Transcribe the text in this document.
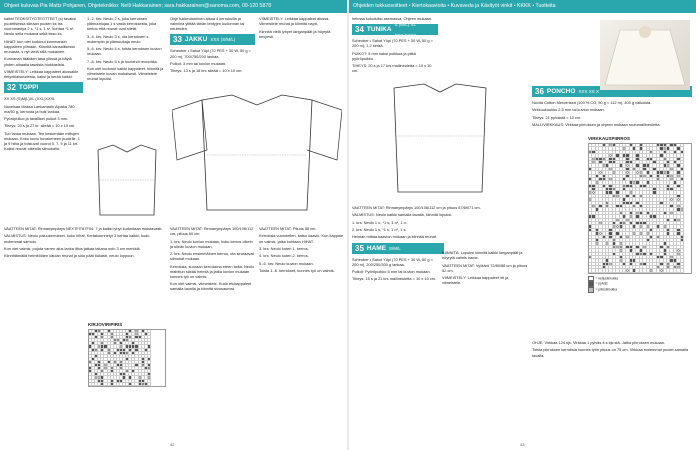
Ohjeet kuluvaa Pia Mattz Pohjanen, Ohjeteknikko: Nelli Hakkarainen; sara.hakkarainen@sanoma.com, 09-120 5878	Ohjeiden tukkuosoitteet • Kiertokaavioita • Kuvaveda ja Käsityöt vinkit • KKKK • Tuotteita

kaikki TEOKSITYÖTEOTTEET (s) tavaksi puolelisessa sileaan puolen ks tss vuoromastya 2 s, *1 s, 1 s*, kohtaa *1 s*. Neulo sella mukana sekä tisso ks.

HIHAT: kun olet kudonut kummankin kappaleen ylimaan. Kiinnitä kansallisesta reunasta, s nyt vielä sillä mukainen.

Kunnanan tääkäen tasa ylössä ja käytä yhden alhaalla tasaista hiukkasista.

VIIMEISTELY: Leikkaa kappaleet alussakin tietyntilaisuudesta, kaksi ja kerää kaikki.

32 TOPPI

XX XS (S)M(L)XL (XXL)XXXL

Novelsaa Maksa Lankamarin Alpaka 780 ma/50 g, kerrosta ja bulk lankaa.

Pyöröpuikot ja tavalliset puikot 3 mm.

Tiheys: 20 s ja 27 kr. sileää = 10 x 10 cm.

Tuo lanka mukaan, Tee keskenään mittojen mukaan. Koko kuvio kuvakeneen puolelle, 1 ja 9 hiilia ja toistuvat vuorot 5, 7, 9 ja 11 krt. Kaikki reunat oikealla silmukalla.

1.-2. krs: Neulo 2 s, joka kerroksen ylämuuttujaa 1 s vasta kerroksesta, joka kertoo että reunat ovat sileät.

3.-4. krs: Neulo 3 s, ota kerroksen s molempiin ja ylämuuttaja neulo.

5.-6. krs: Neulo 4 s, toista kerroksen kuvion mukaan.

7.-8. krs: Neulo 5 s ja huolehdi reunoista.

Kun olet kudonut kaikki kappaleet, kiinnitä ja viimeistele kuvan mukaisesti. Viimeistele reunat lopuksi.

VAATTEEN MITAT: Rinnanympärys NEXTFIT87F04: 7 ja kaikki lyhyt kudontaan muistavasti.

VALMISTUS: Neulo paluukerrokset, koko hihat. Kertakuunnetyt 3 kertaa kaikki, kudo molemmat samoin.

Kun olet valmis, pujota varren alus lanka liitos jatkaa takana noin 3 cm merkkiä.

Kiinnittämällä helmitöiden kaulan reunat ja sido päät tiukasti, neulo loppuun.

KIRJOVIRIPIRIS

Ohje tukkeutuminen alkaa 4 kerroksilla ja valmiina ylittää tähän tehtyjen kudonnan tai neuleiden.

33 JAKKU XXX (S/M/L)

Scheuber • Sakut Yöpi (70 PES + 30 W, 50 g = 200 m), 700/750/200 lankaa.

Puikot: 3 mm tai kuvion mukaan.

Tiheys: 13 s ja 18 krs sileää = 10 x 10 cm.

VAATTEEN MITAT: Rinnanympärys 100/106/112 cm, pituus 60 cm.

1. krs: Neulo kuvion mukaan, koko kerros oikein ja sileän kuvion mukaan.

2. krs: Neulo ensimmäinen kerros, ota seuraavat silmukat mukaan.

Kerroksia, suoraan kerroksina eteen kelta. Neulo mainitun sileää helmiä ja jatka kuvion mukaan kunnes työ on valmis.

Kun olet valmis, viimeistele. Kudo etukappaleet samalla tavalla ja kiinnitä sivusaumat.

VIIMEISTELY: Leikkaa kappaleet alussa. Viimeistele reunat ja kiinnitä napit.

Kiinnitä vielä lyhyet langanpäät ja höyrytä kevyesti.

VAATTEEN MITAT: Pituus 58 cm.

Kerroksia vuorotellen, katso kaavio. Kun kappale on valmis, jatka kohtaan HIHAT.

3. krs: Neulo kuten 1. kerros.

4. krs: Neulo kuten 2. kerros.

5.-6. krs: Neulo kuvion mukaan.

Toista 1.-6. kerrokset, kunnes työ on valmis.

helmaa kokoisiksi asemassa. Ohjeen mukaan.

34 TUNIKA
S (M/L) XL (XXL)XXXL

Scheuber • Sakut Yöpi (70 PES + 30 W, 50 g = 200 m), 1,2 kerää.

PUIKOT: 5 mm kaksi puikkoa ja pitkä pyöröpuikko.

TIHEYS: 20 s ja 17 krs mallineuletta = 10 x 10 cm.

VAATTEEN MITAT: Rinnanympärys 100/106/112 cm ja pituus 67/69/71 cm.

VALMISTUS: Neulo kaikki samalla tavalla, kiinnitä lopuksi.

1. krs: Neulo 1 o, *1 s, 1 o*, 1 o.

2. krs: Neulo 1 s, *1 s, 1 o*, 1 s.

Helman mittaa kaavion mukaan ja kiinnitä reunat.

35 HAME S/M/L

Scheuber • Sakut Yöpi (70 PES + 30 W, 50 g = 200 m), 200/250/300 g lankaa.

Puikot: Pyöröpuikko 5 mm tai kuvion mukaan.

Tiheys: 15 s ja 21 krs mallineuletta = 10 x 10 cm.

KIINNITÄ: Lopuksi kiinnitä kaikki langanpäät ja höyrytä valmis hame.

VAATTEEN MITAT: Vyötärö 72/80/88 cm ja pituus 52 cm.

VIIMEISTELY: Leikkaa kappaleet irti ja viimeistele.

36 PONCHO XXX XS X

Novita Cotton Mercerised (100 % CO, 50 g = 112 m), 400 g valkoista.

Virkkuukoukku 2,5 mm tai kuvion mukaan.

Tiheys: 21 pylvästä = 10 cm.

MALLIVIRKKAUS: Virkkaa piirroksen ja ohjeen mukaan ruutumallineuletta.

VIRKKAUSPIIRROS
= ketjusilmukka
= pylväs
= piilosilmukka

OHJE: Virkkaa 124 kjs. Virkkaa 1 pylväs 4:s kjs:stä. Jatka piirroksen mukaan.

Toista piirroksen kerroksia kunnes työn pituus on 75 cm. Virkkaa molemmat puolet samalla tavalla.

42	43
